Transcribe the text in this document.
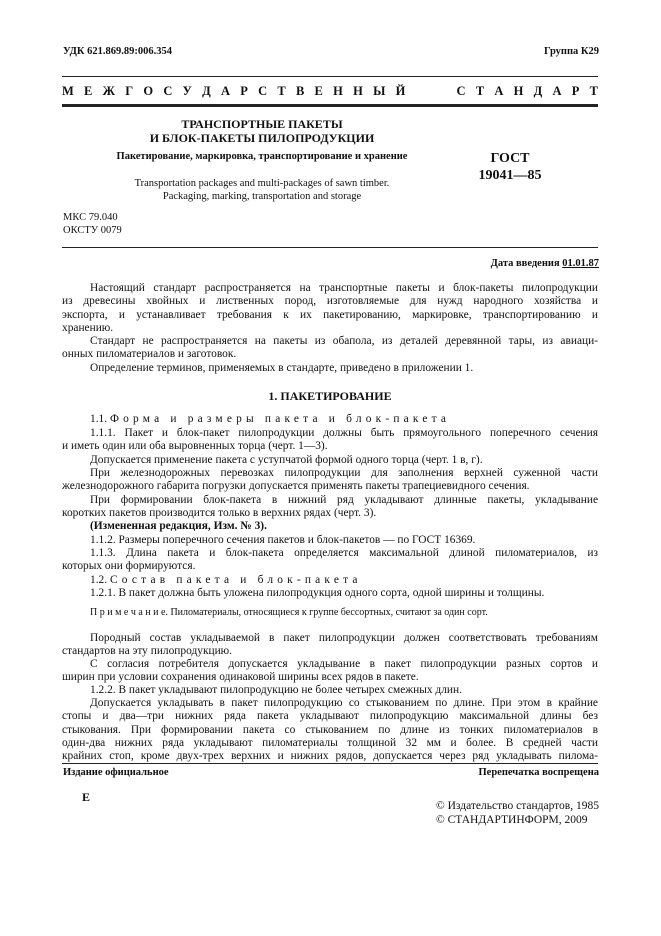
УДК 621.869.89:006.354	Группа К29
М Е Ж Г О С У Д А Р С Т В Е Н Н Ы Й     С Т А Н Д А Р Т
ТРАНСПОРТНЫЕ ПАКЕТЫ
И БЛОК-ПАКЕТЫ ПИЛОПРОДУКЦИИ
Пакетирование, маркировка, транспортирование и хранение
Transportation packages and multi-packages of sawn timber.
Packaging, marking, transportation and storage
ГОСТ
19041—85
МКС 79.040
ОКСТУ 0079
Дата введения 01.01.87
Настоящий стандарт распространяется на транспортные пакеты и блок-пакеты пилопродукции
из древесины хвойных и лиственных пород, изготовляемые для нужд народного хозяйства и
экспорта, и устанавливает требования к их пакетированию, маркировке, транспортированию и
хранению.
Стандарт не распространяется на пакеты из обапола, из деталей деревянной тары, из авиаци-
онных пиломатериалов и заготовок.
Определение терминов, применяемых в стандарте, приведено в приложении 1.
1. ПАКЕТИРОВАНИЕ
1.1. Форма и размеры пакета и блок-пакета
1.1.1. Пакет и блок-пакет пилопродукции должны быть прямоугольного поперечного сечения
и иметь один или оба выровненных торца (черт. 1—3).
Допускается применение пакета с уступчатой формой одного торца (черт. 1 в, г).
При железнодорожных перевозках пилопродукции для заполнения верхней суженной части
железнодорожного габарита погрузки допускается применять пакеты трапециевидного сечения.
При формировании блок-пакета в нижний ряд укладывают длинные пакеты, укладывание
коротких пакетов производится только в верхних рядах (черт. 3).
(Измененная редакция, Изм. № 3).
1.1.2. Размеры поперечного сечения пакетов и блок-пакетов — по ГОСТ 16369.
1.1.3. Длина пакета и блок-пакета определяется максимальной длиной пиломатериалов, из
которых они формируются.
1.2. Состав пакета и блок-пакета
1.2.1. В пакет должна быть уложена пилопродукция одного сорта, одной ширины и толщины.
П р и м е ч а н и е. Пиломатериалы, относящиеся к группе бессортных, считают за один сорт.
Породный состав укладываемой в пакет пилопродукции должен соответствовать требованиям
стандартов на эту пилопродукцию.
С согласия потребителя допускается укладывание в пакет пилопродукции разных сортов и
ширин при условии сохранения одинаковой ширины всех рядов в пакете.
1.2.2. В пакет укладывают пилопродукцию не более четырех смежных длин.
Допускается укладывать в пакет пилопродукцию со стыкованием по длине. При этом в крайние
стопы и два—три нижних ряда пакета укладывают пилопродукцию максимальной длины без
стыкования. При формировании пакета со стыкованием по длине из тонких пиломатериалов в
один-два нижних ряда укладывают пиломатериалы толщиной 32 мм и более. В средней части
крайних стоп, кроме двух-трех верхних и нижних рядов, допускается через ряд укладывать пилома-
Издание официальное	Перепечатка воспрещена
Е
© Издательство стандартов, 1985
© СТАНДАРТИНФОРМ, 2009
